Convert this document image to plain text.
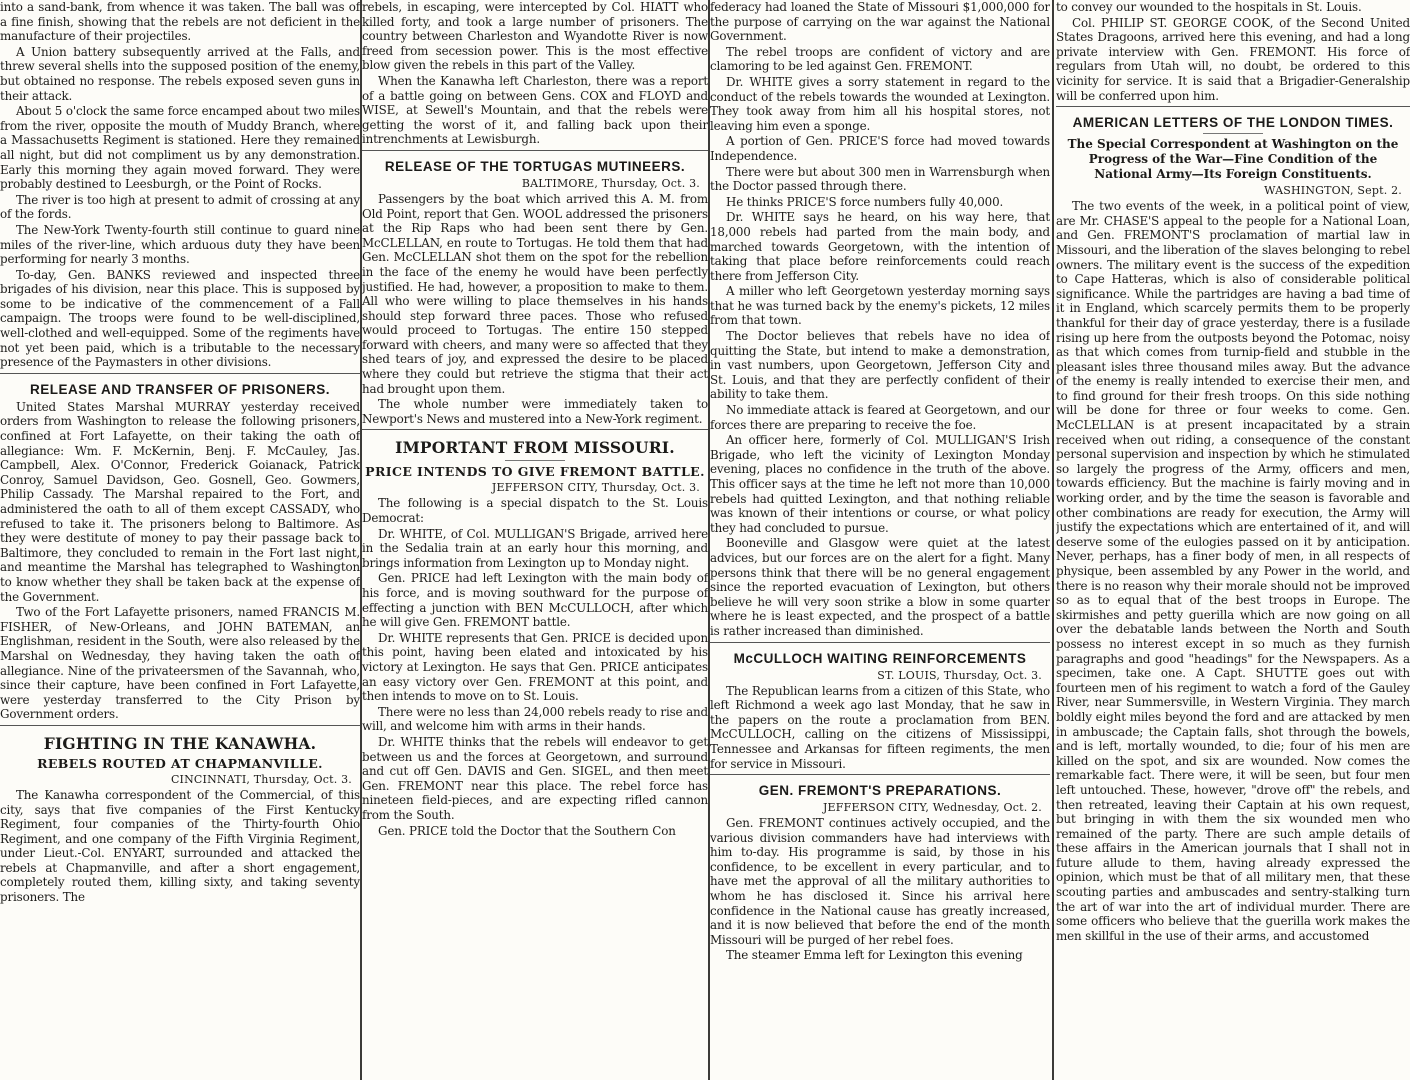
into a sand-bank, from whence it was taken. The ball was of a fine finish, showing that the rebels are not deficient in the manufacture of their projectiles.

A Union battery subsequently arrived at the Falls, and threw several shells into the supposed position of the enemy, but obtained no response. The rebels exposed seven guns in their attack.

About 5 o'clock the same force encamped about two miles from the river, opposite the mouth of Muddy Branch, where a Massachusetts Regiment is stationed. Here they remained all night, but did not compliment us by any demonstration. Early this morning they again moved forward. They were probably destined to Leesburgh, or the Point of Rocks.

The river is too high at present to admit of crossing at any of the fords.

The New-York Twenty-fourth still continue to guard nine miles of the river-line, which arduous duty they have been performing for nearly 3 months.

To-day, Gen. BANKS reviewed and inspected three brigades of his division, near this place. This is supposed by some to be indicative of the commencement of a Fall campaign. The troops were found to be well-disciplined, well-clothed and well-equipped. Some of the regiments have not yet been paid, which is a tributable to the necessary presence of the Paymasters in other divisions.

RELEASE AND TRANSFER OF PRISONERS.

United States Marshal MURRAY yesterday received orders from Washington to release the following prisoners, confined at Fort Lafayette, on their taking the oath of allegiance: Wm. F. McKernin, Benj. F. McCauley, Jas. Campbell, Alex. O'Connor, Frederick Goianack, Patrick Conroy, Samuel Davidson, Geo. Gosnell, Geo. Gowmers, Philip Cassady. The Marshal repaired to the Fort, and administered the oath to all of them except CASSADY, who refused to take it. The prisoners belong to Baltimore. As they were destitute of money to pay their passage back to Baltimore, they concluded to remain in the Fort last night, and meantime the Marshal has telegraphed to Washington to know whether they shall be taken back at the expense of the Government.

Two of the Fort Lafayette prisoners, named FRANCIS M. FISHER, of New-Orleans, and JOHN BATEMAN, an Englishman, resident in the South, were also released by the Marshal on Wednesday, they having taken the oath of allegiance. Nine of the privateersmen of the Savannah, who, since their capture, have been confined in Fort Lafayette, were yesterday transferred to the City Prison by Government orders.

FIGHTING IN THE KANAWHA.
REBELS ROUTED AT CHAPMANVILLE.
CINCINNATI, Thursday, Oct. 3.

The Kanawha correspondent of the Commercial, of this city, says that five companies of the First Kentucky Regiment, four companies of the Thirty-fourth Ohio Regiment, and one company of the Fifth Virginia Regiment, under Lieut.-Col. ENYART, surrounded and attacked the rebels at Chapmanville, and after a short engagement, completely routed them, killing sixty, and taking seventy prisoners. The

rebels, in escaping, were intercepted by Col. HIATT who killed forty, and took a large number of prisoners. The country between Charleston and Wyandotte River is now freed from secession power. This is the most effective blow given the rebels in this part of the Valley.

When the Kanawha left Charleston, there was a report of a battle going on between Gens. COX and FLOYD and WISE, at Sewell's Mountain, and that the rebels were getting the worst of it, and falling back upon their intrenchments at Lewisburgh.

RELEASE OF THE TORTUGAS MUTINEERS.
BALTIMORE, Thursday, Oct. 3.

Passengers by the boat which arrived this A. M. from Old Point, report that Gen. WOOL addressed the prisoners at the Rip Raps who had been sent there by Gen. McCLELLAN, en route to Tortugas. He told them that had Gen. McCLELLAN shot them on the spot for the rebellion in the face of the enemy he would have been perfectly justified. He had, however, a proposition to make to them. All who were willing to place themselves in his hands should step forward three paces. Those who refused would proceed to Tortugas. The entire 150 stepped forward with cheers, and many were so affected that they shed tears of joy, and expressed the desire to be placed where they could but retrieve the stigma that their act had brought upon them.

The whole number were immediately taken to Newport's News and mustered into a New-York regiment.

IMPORTANT FROM MISSOURI.
PRICE INTENDS TO GIVE FREMONT BATTLE.
JEFFERSON CITY, Thursday, Oct. 3.

The following is a special dispatch to the St. Louis Democrat:

Dr. WHITE, of Col. MULLIGAN'S Brigade, arrived here in the Sedalia train at an early hour this morning, and brings information from Lexington up to Monday night.

Gen. PRICE had left Lexington with the main body of his force, and is moving southward for the purpose of effecting a junction with BEN McCULLOCH, after which he will give Gen. FREMONT battle.

Dr. WHITE represents that Gen. PRICE is decided upon this point, having been elated and intoxicated by his victory at Lexington. He says that Gen. PRICE anticipates an easy victory over Gen. FREMONT at this point, and then intends to move on to St. Louis.

There were no less than 24,000 rebels ready to rise and will, and welcome him with arms in their hands.

Dr. WHITE thinks that the rebels will endeavor to get between us and the forces at Georgetown, and surround and cut off Gen. DAVIS and Gen. SIGEL, and then meet Gen. FREMONT near this place. The rebel force has nineteen field-pieces, and are expecting rifled cannon from the South.

Gen. PRICE told the Doctor that the Southern Con

federacy had loaned the State of Missouri $1,000,000 for the purpose of carrying on the war against the National Government.

The rebel troops are confident of victory and are clamoring to be led against Gen. FREMONT.

Dr. WHITE gives a sorry statement in regard to the conduct of the rebels towards the wounded at Lexington. They took away from him all his hospital stores, not leaving him even a sponge.

A portion of Gen. PRICE'S force had moved towards Independence.

There were but about 300 men in Warrensburgh when the Doctor passed through there.

He thinks PRICE'S force numbers fully 40,000.

Dr. WHITE says he heard, on his way here, that 18,000 rebels had parted from the main body, and marched towards Georgetown, with the intention of taking that place before reinforcements could reach there from Jefferson City.

A miller who left Georgetown yesterday morning says that he was turned back by the enemy's pickets, 12 miles from that town.

The Doctor believes that rebels have no idea of quitting the State, but intend to make a demonstration, in vast numbers, upon Georgetown, Jefferson City and St. Louis, and that they are perfectly confident of their ability to take them.

No immediate attack is feared at Georgetown, and our forces there are preparing to receive the foe.

An officer here, formerly of Col. MULLIGAN'S Irish Brigade, who left the vicinity of Lexington Monday evening, places no confidence in the truth of the above. This officer says at the time he left not more than 10,000 rebels had quitted Lexington, and that nothing reliable was known of their intentions or course, or what policy they had concluded to pursue.

Booneville and Glasgow were quiet at the latest advices, but our forces are on the alert for a fight. Many persons think that there will be no general engagement since the reported evacuation of Lexington, but others believe he will very soon strike a blow in some quarter where he is least expected, and the prospect of a battle is rather increased than diminished.

McCULLOCH WAITING REINFORCEMENTS
ST. LOUIS, Thursday, Oct. 3.

The Republican learns from a citizen of this State, who left Richmond a week ago last Monday, that he saw in the papers on the route a proclamation from BEN. McCULLOCH, calling on the citizens of Mississippi, Tennessee and Arkansas for fifteen regiments, the men for service in Missouri.

GEN. FREMONT'S PREPARATIONS.
JEFFERSON CITY, Wednesday, Oct. 2.

Gen. FREMONT continues actively occupied, and the various division commanders have had interviews with him to-day. His programme is said, by those in his confidence, to be excellent in every particular, and to have met the approval of all the military authorities to whom he has disclosed it. Since his arrival here confidence in the National cause has greatly increased, and it is now believed that before the end of the month Missouri will be purged of her rebel foes.

The steamer Emma left for Lexington this evening

to convey our wounded to the hospitals in St. Louis.

Col. PHILIP ST. GEORGE COOK, of the Second United States Dragoons, arrived here this evening, and had a long private interview with Gen. FREMONT. His force of regulars from Utah will, no doubt, be ordered to this vicinity for service. It is said that a Brigadier-Generalship will be conferred upon him.

AMERICAN LETTERS OF THE LONDON TIMES.
The Special Correspondent at Washington on the Progress of the War—Fine Condition of the National Army—Its Foreign Constituents.
WASHINGTON, Sept. 2.

The two events of the week, in a political point of view, are Mr. CHASE'S appeal to the people for a National Loan, and Gen. FREMONT'S proclamation of martial law in Missouri, and the liberation of the slaves belonging to rebel owners. The military event is the success of the expedition to Cape Hatteras, which is also of considerable political significance. While the partridges are having a bad time of it in England, which scarcely permits them to be properly thankful for their day of grace yesterday, there is a fusilade rising up here from the outposts beyond the Potomac, noisy as that which comes from turnip-field and stubble in the pleasant isles three thousand miles away. But the advance of the enemy is really intended to exercise their men, and to find ground for their fresh troops. On this side nothing will be done for three or four weeks to come. Gen. McCLELLAN is at present incapacitated by a strain received when out riding, a consequence of the constant personal supervision and inspection by which he stimulated so largely the progress of the Army, officers and men, towards efficiency. But the machine is fairly moving and in working order, and by the time the season is favorable and other combinations are ready for execution, the Army will justify the expectations which are entertained of it, and will deserve some of the eulogies passed on it by anticipation. Never, perhaps, has a finer body of men, in all respects of physique, been assembled by any Power in the world, and there is no reason why their morale should not be improved so as to equal that of the best troops in Europe. The skirmishes and petty guerilla which are now going on all over the debatable lands between the North and South possess no interest except in so much as they furnish paragraphs and good "headings" for the Newspapers. As a specimen, take one. A Capt. SHUTTE goes out with fourteen men of his regiment to watch a ford of the Gauley River, near Summersville, in Western Virginia. They march boldly eight miles beyond the ford and are attacked by men in ambuscade; the Captain falls, shot through the bowels, and is left, mortally wounded, to die; four of his men are killed on the spot, and six are wounded. Now comes the remarkable fact. There were, it will be seen, but four men left untouched. These, however, "drove off" the rebels, and then retreated, leaving their Captain at his own request, but bringing in with them the six wounded men who remained of the party. There are such ample details of these affairs in the American journals that I shall not in future allude to them, having already expressed the opinion, which must be that of all military men, that these scouting parties and ambuscades and sentry-stalking turn the art of war into the art of individual murder. There are some officers who believe that the guerilla work makes the men skillful in the use of their arms, and accustomed
